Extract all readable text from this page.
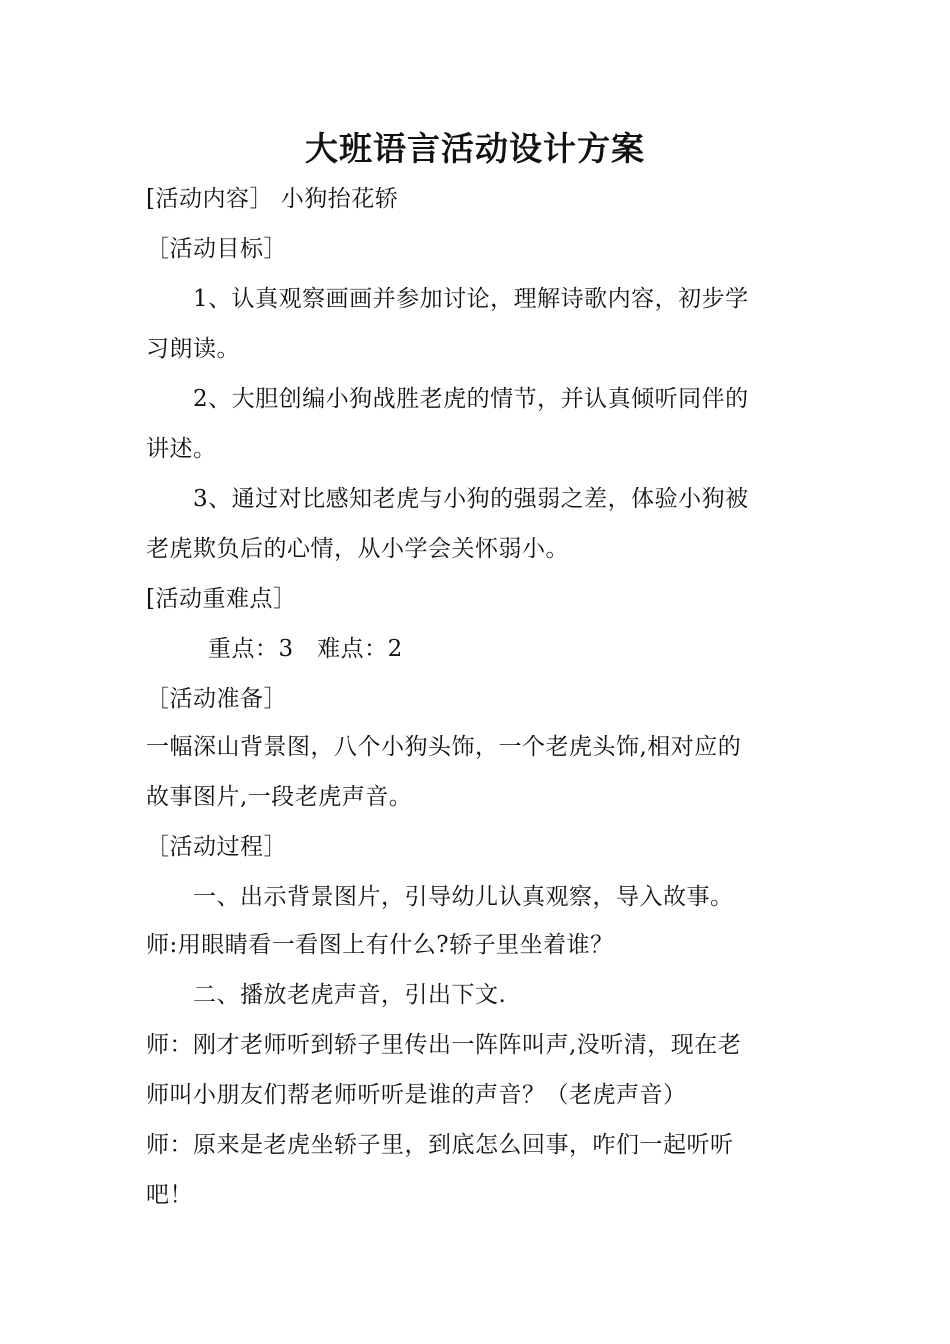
大班语言活动设计方案
[活动内容］ 小狗抬花轿
［活动目标］
1、认真观察画画并参加讨论，理解诗歌内容，初步学
习朗读。
2、大胆创编小狗战胜老虎的情节，并认真倾听同伴的
讲述。
3、通过对比感知老虎与小狗的强弱之差，体验小狗被
老虎欺负后的心情，从小学会关怀弱小。
[活动重难点］
重点：3　难点：2
［活动准备］
一幅深山背景图，八个小狗头饰，一个老虎头饰,相对应的
故事图片,一段老虎声音。
［活动过程］
一、出示背景图片，引导幼儿认真观察，导入故事。
师:用眼睛看一看图上有什么?轿子里坐着谁？
二、播放老虎声音，引出下文.
师：刚才老师听到轿子里传出一阵阵叫声,没听清，现在老
师叫小朋友们帮老师听听是谁的声音？（老虎声音）
师：原来是老虎坐轿子里，到底怎么回事，咋们一起听听
吧！
